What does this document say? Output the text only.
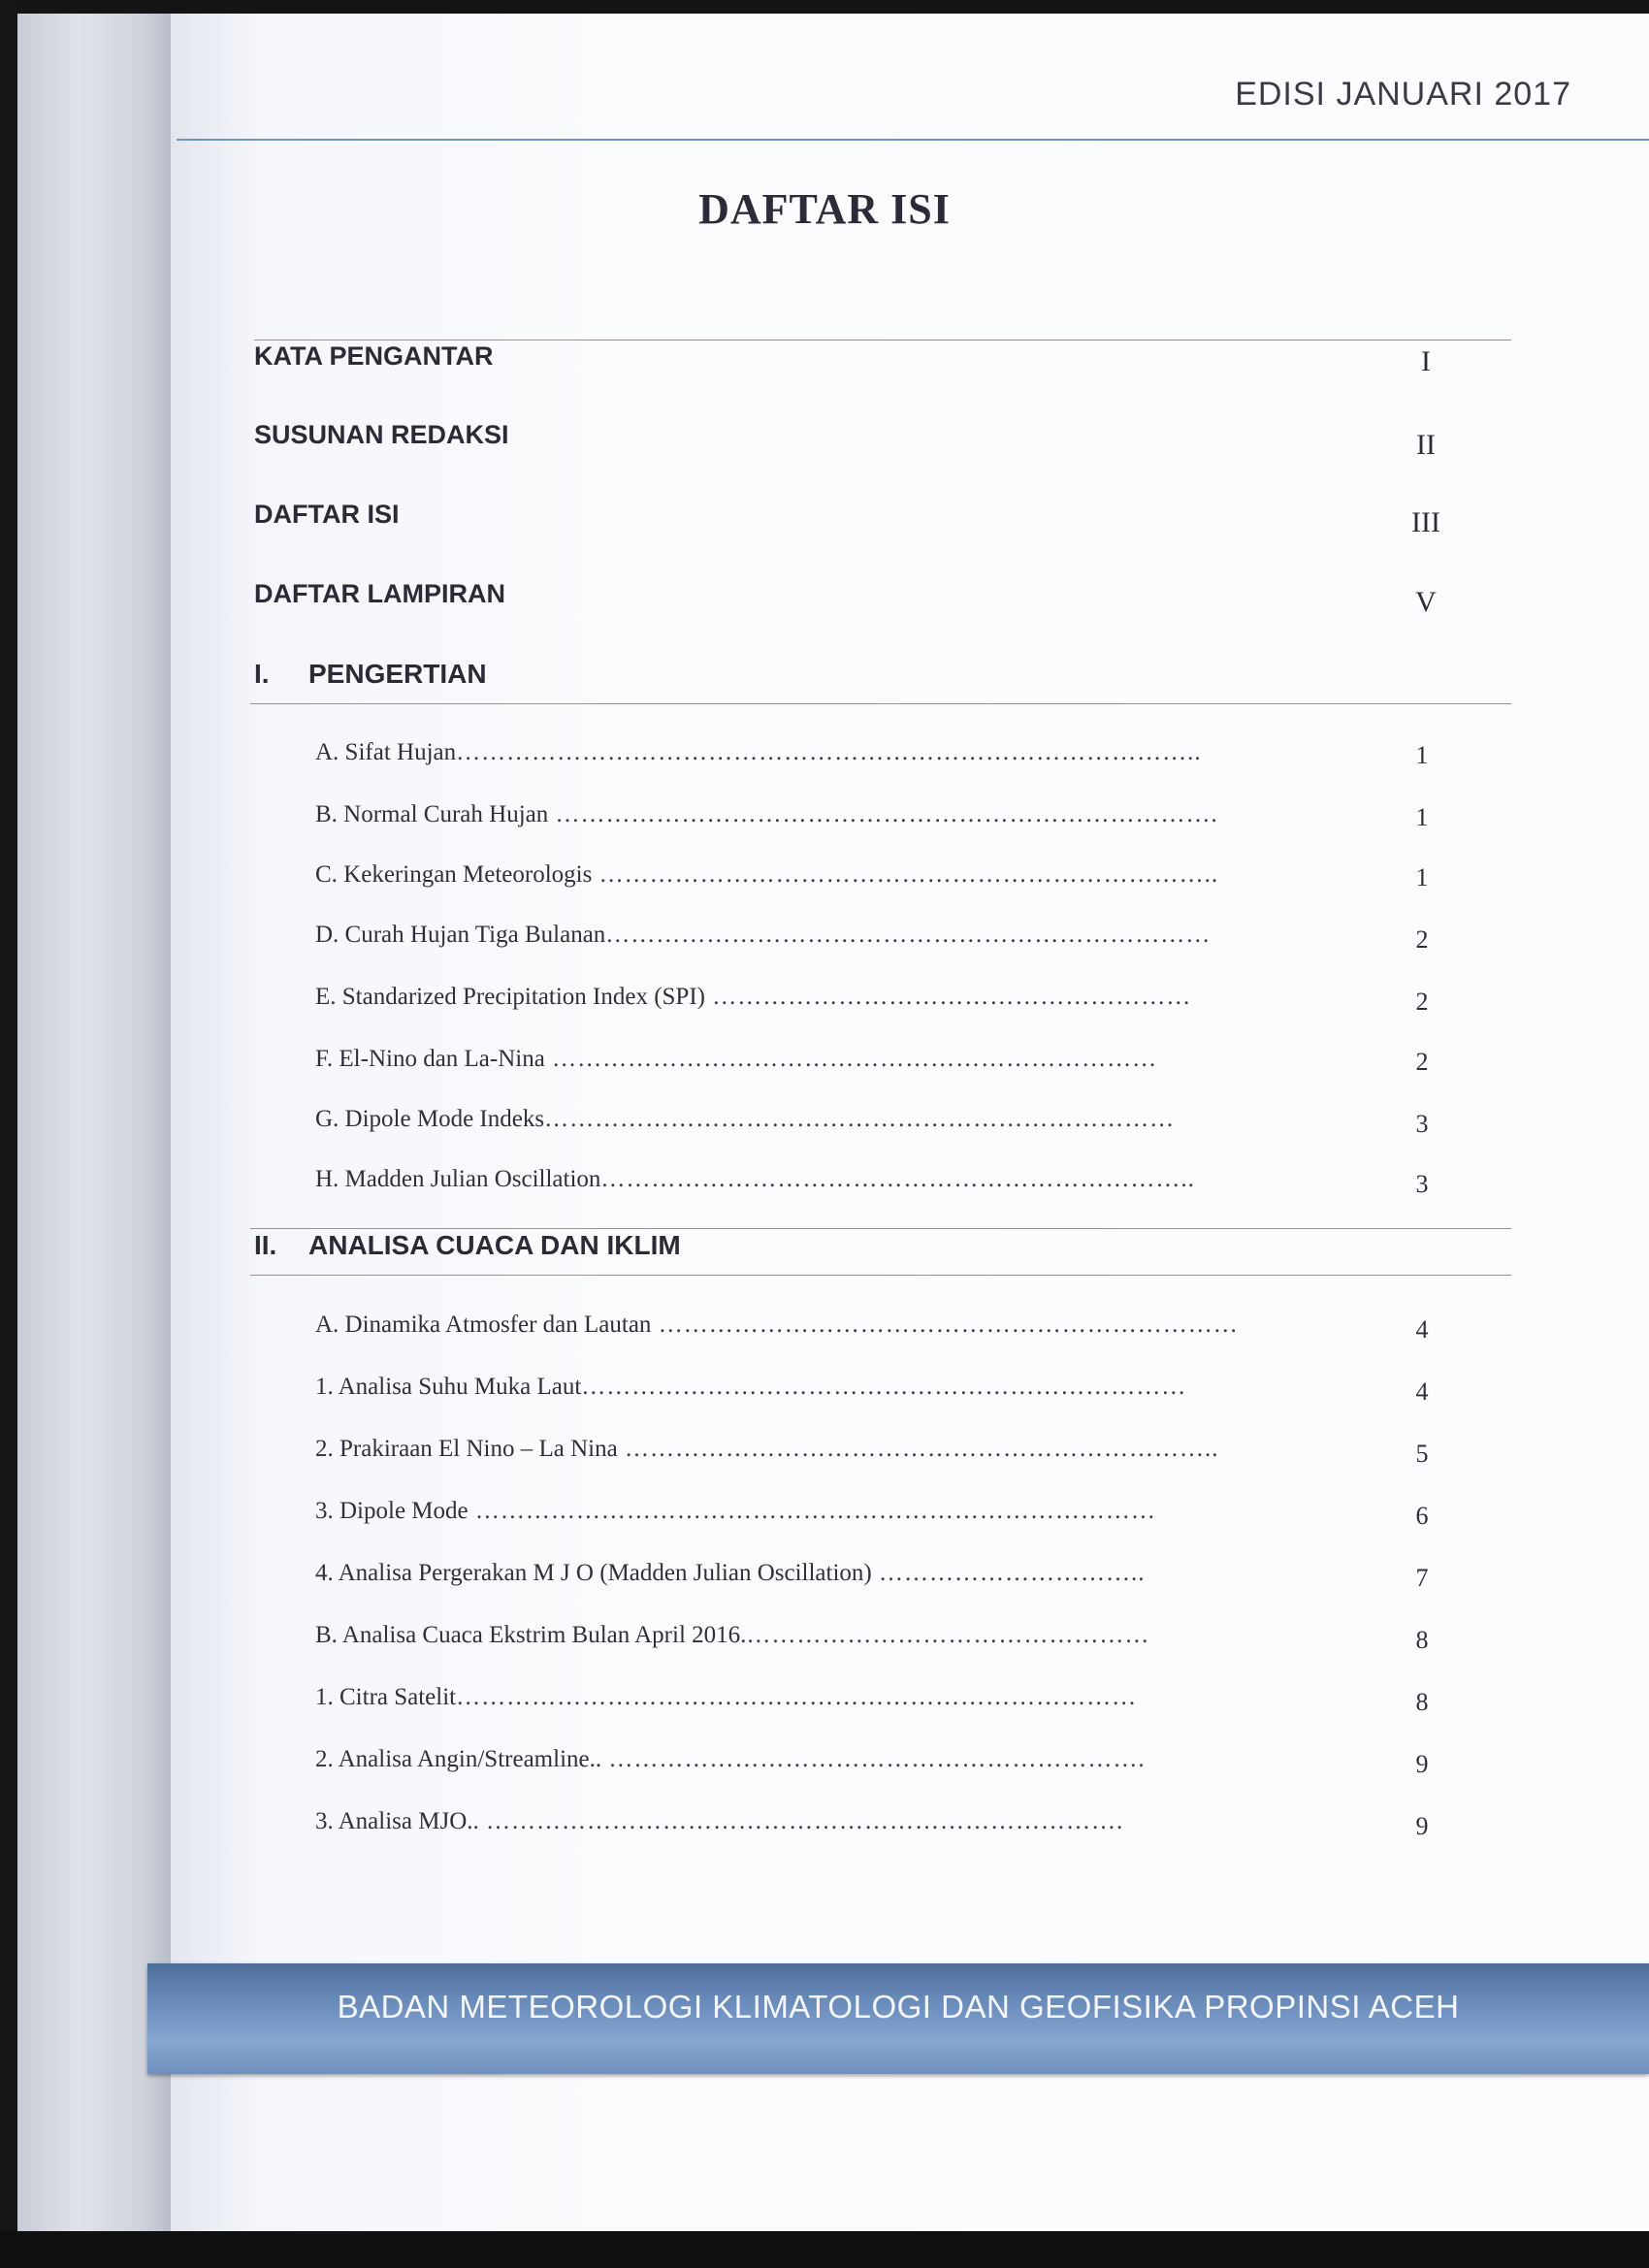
EDISI JANUARI 2017
DAFTAR ISI
KATA PENGANTAR	I
SUSUNAN REDAKSI	II
DAFTAR ISI	III
DAFTAR LAMPIRAN	V
I. PENGERTIAN
A. Sifat Hujan……………………………………………………………………………..	1
B. Normal Curah Hujan …………………………………………………………………….	1
C. Kekeringan Meteorologis ………………………………………………………………..	1
D. Curah Hujan Tiga Bulanan………………………………………………………………	2
E. Standarized Precipitation Index (SPI) …………………………………………………	2
F. El-Nino dan La-Nina ………………………………………………………………	2
G. Dipole Mode Indeks…………………………………………………………………	3
H. Madden Julian Oscillation……………………………………………………………..	3
II. ANALISA CUACA DAN IKLIM
A. Dinamika Atmosfer dan Lautan ……………………………………………………………	4
1. Analisa Suhu Muka Laut………………………………………………………………	4
2. Prakiraan El Nino – La Nina ……………………………………………………………..	5
3. Dipole Mode ………………………………………………………………………	6
4. Analisa Pergerakan M J O (Madden Julian Oscillation) …………………………..	7
B. Analisa Cuaca Ekstrim Bulan April 2016.…………………………………………	8
1. Citra Satelit………………………………………………………………………	8
2. Analisa Angin/Streamline.. ……………………………………………………….	9
3. Analisa MJO.. ………………………………………………………………….	9
BADAN METEOROLOGI KLIMATOLOGI DAN GEOFISIKA PROPINSI ACEH
